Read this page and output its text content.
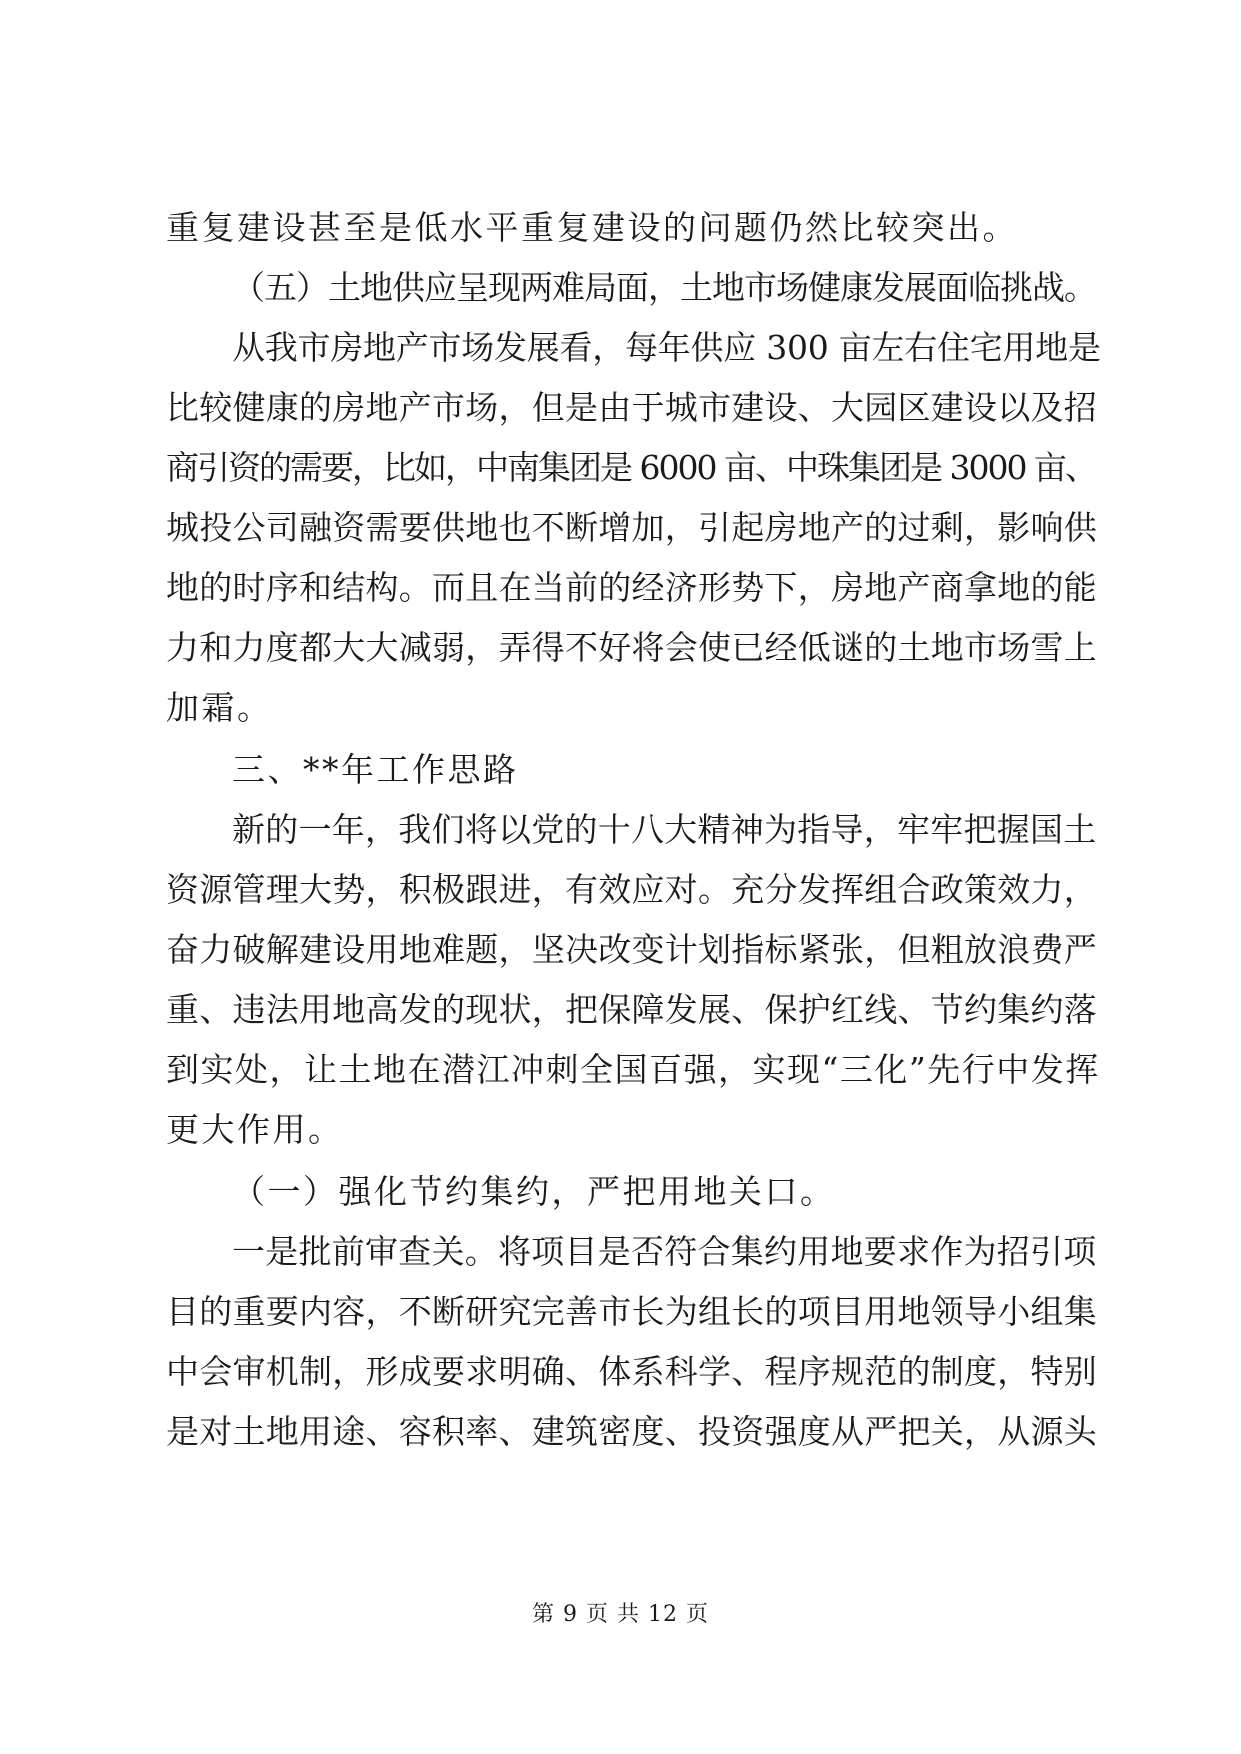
重复建设甚至是低水平重复建设的问题仍然比较突出。
（五）土地供应呈现两难局面，土地市场健康发展面临挑战。
从我市房地产市场发展看，每年供应 300 亩左右住宅用地是
比较健康的房地产市场，但是由于城市建设、大园区建设以及招
商引资的需要，比如，中南集团是 6000 亩、中珠集团是 3000 亩、
城投公司融资需要供地也不断增加，引起房地产的过剩，影响供
地的时序和结构。而且在当前的经济形势下，房地产商拿地的能
力和力度都大大减弱，弄得不好将会使已经低谜的土地市场雪上
加霜。
三、**年工作思路
新的一年，我们将以党的十八大精神为指导，牢牢把握国土
资源管理大势，积极跟进，有效应对。充分发挥组合政策效力，
奋力破解建设用地难题，坚决改变计划指标紧张，但粗放浪费严
重、违法用地高发的现状，把保障发展、保护红线、节约集约落
到实处，让土地在潜江冲刺全国百强，实现“三化”先行中发挥
更大作用。
（一）强化节约集约，严把用地关口。
一是批前审查关。将项目是否符合集约用地要求作为招引项
目的重要内容，不断研究完善市长为组长的项目用地领导小组集
中会审机制，形成要求明确、体系科学、程序规范的制度，特别
是对土地用途、容积率、建筑密度、投资强度从严把关，从源头
第 9 页 共 12 页
